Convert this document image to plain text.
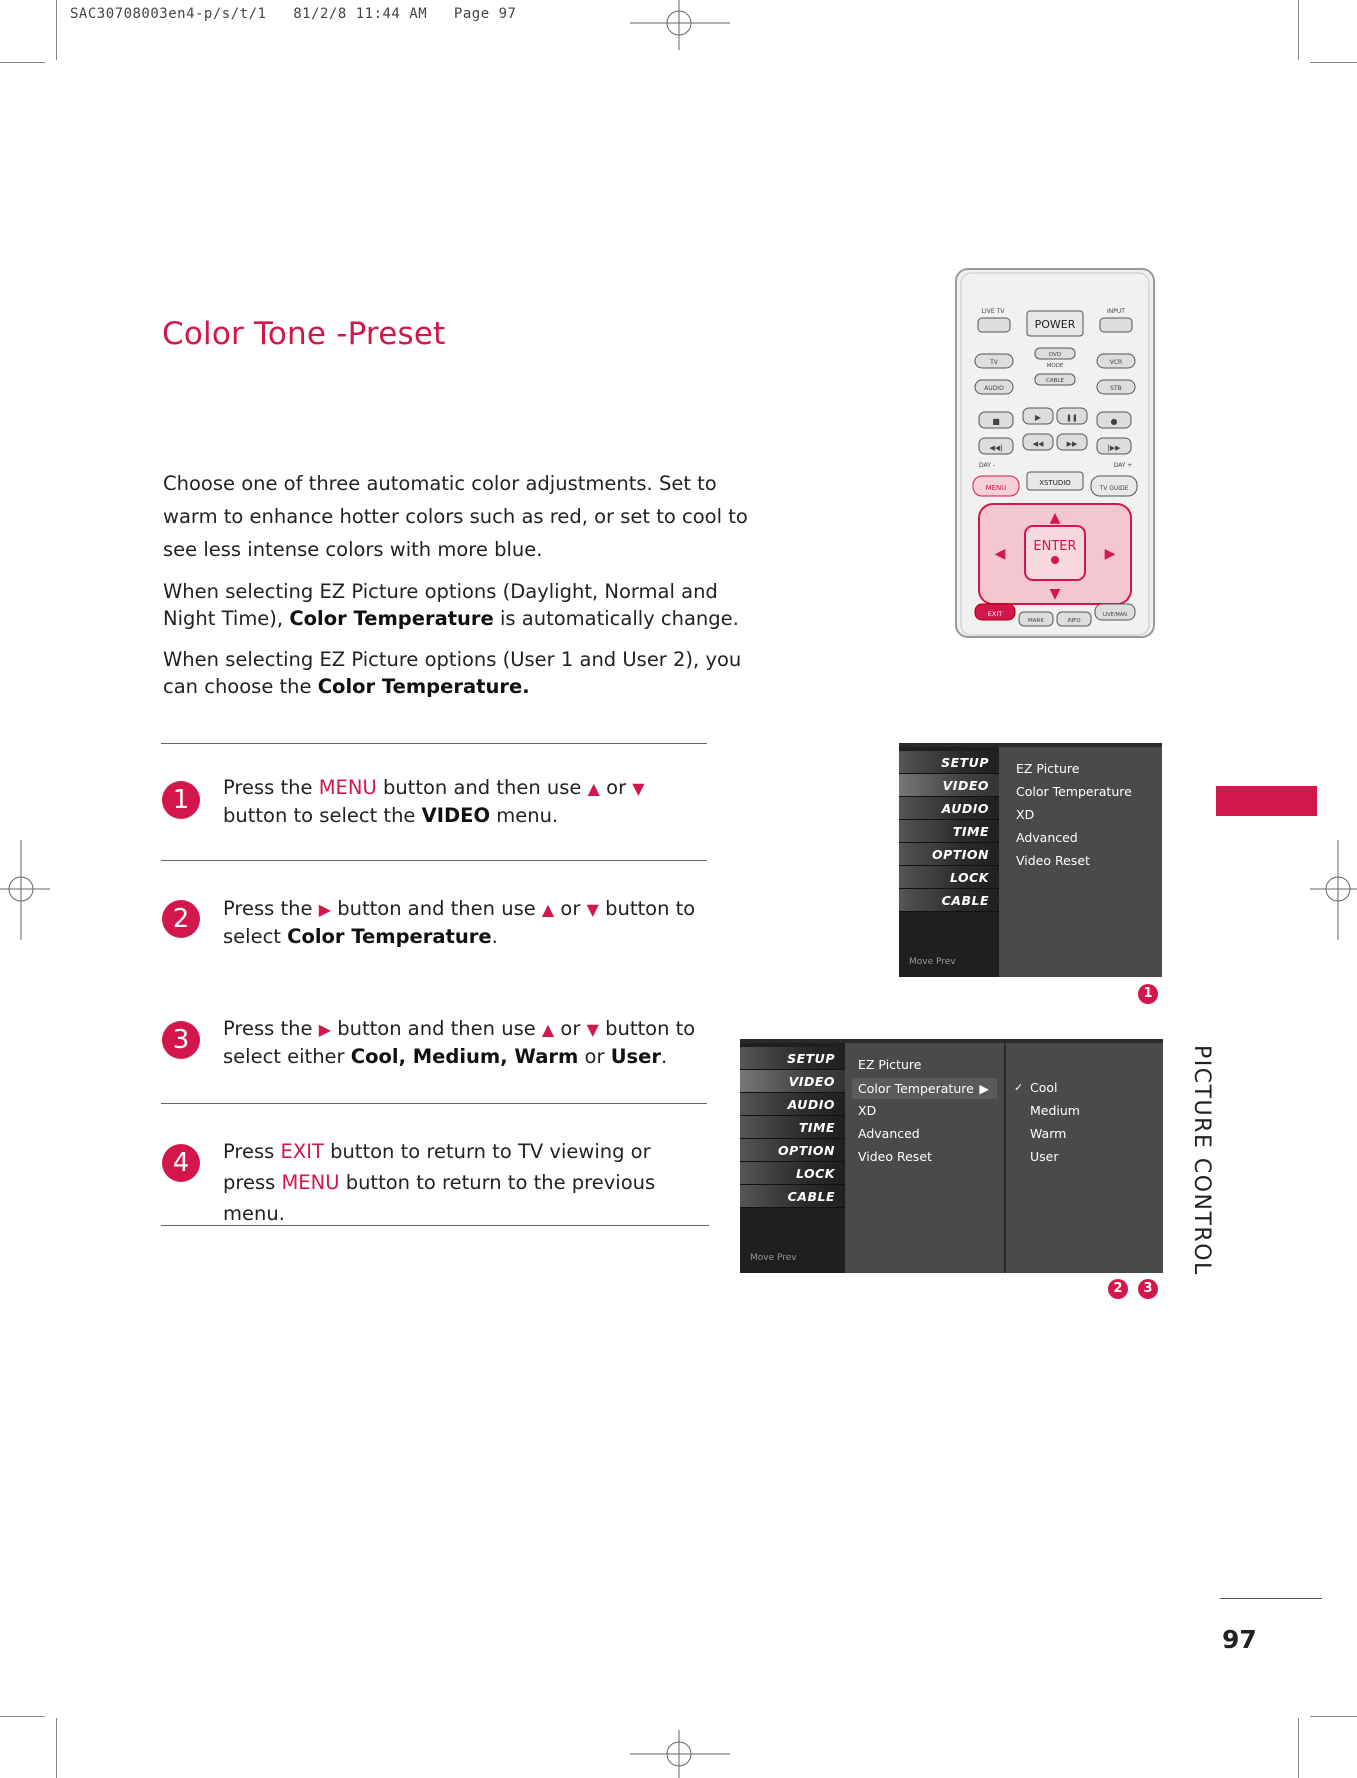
SAC30708003en4-p/s/t/1   81/2/8 11:44 AM   Page 97
Color Tone -Preset
Choose one of three automatic color adjustments. Set to warm to enhance hotter colors such as red, or set to cool to see less intense colors with more blue.
When selecting EZ Picture options (Daylight, Normal and Night Time), Color Temperature is automatically change.
When selecting EZ Picture options (User 1 and User 2), you can choose the Color Temperature.
1	Press the MENU button and then use ▲ or ▼ button to select the VIDEO menu.
2	Press the ▶ button and then use ▲ or ▼ button to select Color Temperature.
3	Press the ▶ button and then use ▲ or ▼ button to select either Cool, Medium, Warm or User.
4	Press EXIT button to return to TV viewing or press MENU button to return to the previous menu.
LIVE TV	INPUT
POWER
TV
DVD
MODE	VCR
AUDIO
CABLE
STB
■	▶	❚❚	●
◀◀|	◀◀	▶▶	|▶▶
DAY -	DAY +
MENU
XSTUDIO
TV GUIDE
ENTER
▲
▼
◀	▶
EXIT
MARK	INFO
LIVE/MAN
SETUP
VIDEO
AUDIO
TIME
OPTION
LOCK
CABLE
Move Prev
EZ Picture
Color Temperature
XD
Advanced
Video Reset
1
SETUP
VIDEO
AUDIO
TIME
OPTION
LOCK
CABLE
Move Prev
EZ Picture
Color Temperature ▶
XD
Advanced
Video Reset
✓ Cool
Medium
Warm
User
2	3
PICTURE CONTROL
97
